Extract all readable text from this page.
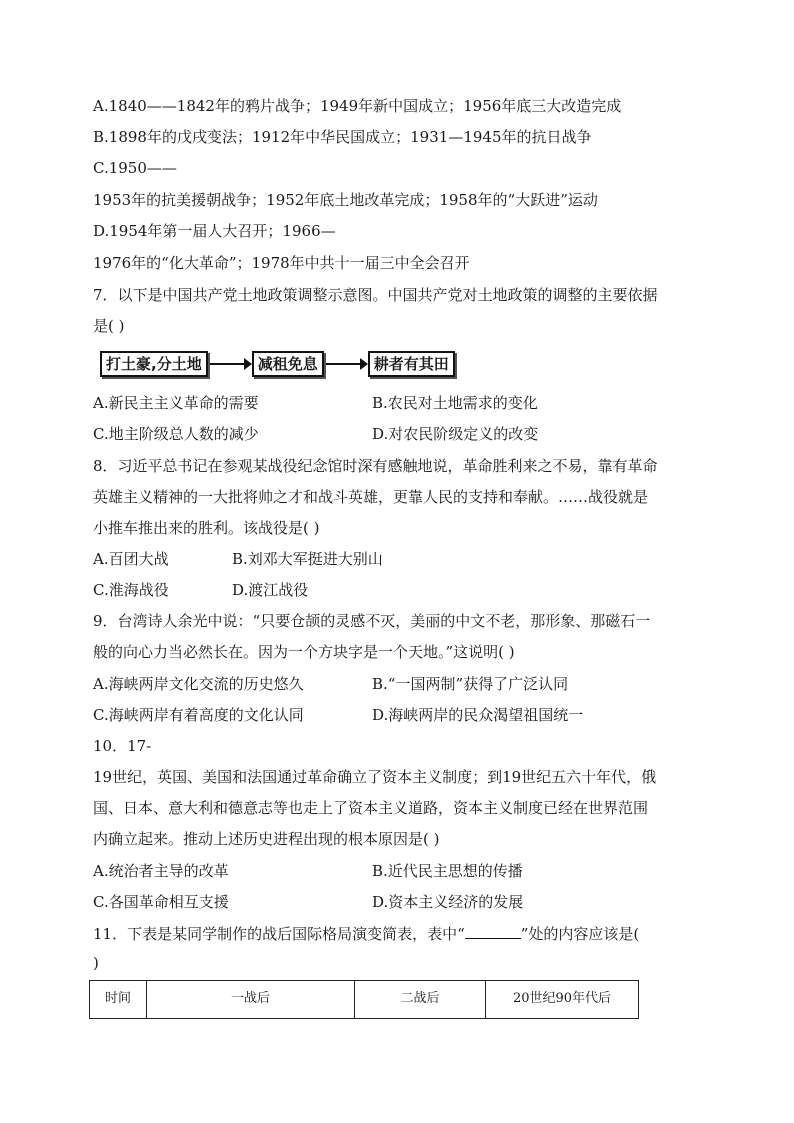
A.1840——1842年的鸦片战争；1949年新中国成立；1956年底三大改造完成
B.1898年的戊戌变法；1912年中华民国成立；1931—1945年的抗日战争
C.1950——
1953年的抗美援朝战争；1952年底土地改革完成；1958年的“大跃进”运动
D.1954年第一届人大召开；1966—
1976年的“化大革命”；1978年中共十一届三中全会召开
7．以下是中国共产党土地政策调整示意图。中国共产党对土地政策的调整的主要依据
是( )
打土豪,分土地	减租免息	耕者有其田
A.新民主主义革命的需要	B.农民对土地需求的变化
C.地主阶级总人数的减少	D.对农民阶级定义的改变
8．习近平总书记在参观某战役纪念馆时深有感触地说，革命胜利来之不易，靠有革命
英雄主义精神的一大批将帅之才和战斗英雄，更靠人民的支持和奉献。……战役就是
小推车推出来的胜利。该战役是( )
A.百团大战	B.刘邓大军挺进大别山
C.淮海战役	D.渡江战役
9．台湾诗人余光中说：“只要仓颉的灵感不灭，美丽的中文不老，那形象、那磁石一
般的向心力当必然长在。因为一个方块字是一个天地。”这说明( )
A.海峡两岸文化交流的历史悠久	B.“一国两制”获得了广泛认同
C.海峡两岸有着高度的文化认同	D.海峡两岸的民众渴望祖国统一
10．17-
19世纪，英国、美国和法国通过革命确立了资本主义制度；到19世纪五六十年代，俄
国、日本、意大利和德意志等也走上了资本主义道路，资本主义制度已经在世界范围
内确立起来。推动上述历史进程出现的根本原因是( )
A.统治者主导的改革	B.近代民主思想的传播
C.各国革命相互支援	D.资本主义经济的发展
11．下表是某同学制作的战后国际格局演变简表，表中“	”处的内容应该是(
)
时间	一战后	二战后	20世纪90年代后
